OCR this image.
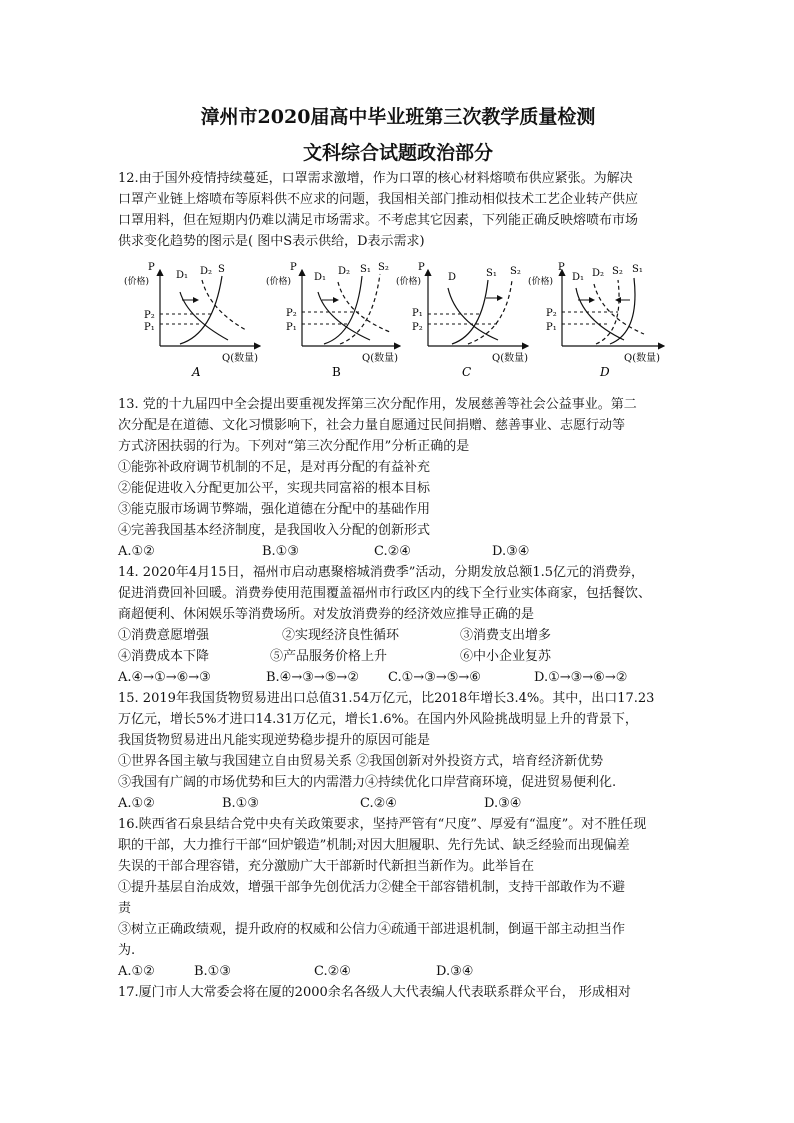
漳州市2020届高中毕业班第三次教学质量检测
文科综合试题政治部分

12.由于国外疫情持续蔓延，口罩需求激增，作为口罩的核心材料熔喷布供应紧张。为解决

口罩产业链上熔喷布等原料供不应求的问题，我国相关部门推动相似技术工艺企业转产供应

口罩用料，但在短期内仍难以满足市场需求。不考虑其它因素，下列能正确反映熔喷布市场

供求变化趋势的图示是( 图中S表示供给，D表示需求)

P
(价格)
Q(数量)
D₁ D₂ S
P₂
P₁
A
P
(价格)
Q(数量)
D₁
D₂ S₁ S₂
P₂
P₁
B
P
(价格)
Q(数量)
D	S₁ S₂
P₁
P₂
C
P
(价格)
Q(数量)
D₁ D₂ S₂ S₁
P₂
P₁
D

13. 党的十九届四中全会提出要重视发挥第三次分配作用，发展慈善等社会公益事业。第二

次分配是在道德、文化习惯影响下，社会力量自愿通过民间捐赠、慈善事业、志愿行动等

方式济困扶弱的行为。下列对“第三次分配作用”分析正确的是

①能弥补政府调节机制的不足，是对再分配的有益补充

②能促进收入分配更加公平，实现共同富裕的根本目标

③能克服市场调节弊端，强化道德在分配中的基础作用

④完善我国基本经济制度，是我国收入分配的创新形式

A.①②	B.①③	C.②④	D.③④

14. 2020年4月15日，福州市启动惠聚榕城消费季”活动，分期发放总额1.5亿元的消费券，

促进消费回补回暖。消费券使用范围覆盖福州市行政区内的线下全行业实体商家，包括餐饮、

商超便利、休闲娱乐等消费场所。对发放消费券的经济效应推导正确的是

①消费意愿增强	②实现经济良性循环	③消费支出增多
④消费成本下降	⑤产品服务价格上升	⑥中小企业复苏
A.④→①→⑥→③	B.④→③→⑤→②	C.①→③→⑤→⑥	D.①→③→⑥→②

15. 2019年我国货物贸易进出口总值31.54万亿元，比2018年增长3.4%。其中，出口17.23

万亿元，增长5%才进口14.31万亿元，增长1.6%。在国内外风险挑战明显上升的背景下，

我国货物贸易进出凡能实现逆势稳步提升的原因可能是

①世界各国主敏与我国建立自由贸易关系 ②我国创新对外投资方式，培育经济新优势

③我国有广阔的市场优势和巨大的内需潜力④持续优化口岸营商环境，促进贸易便利化.

A.①②	B.①③	C.②④	D.③④

16.陕西省石泉县结合党中央有关政策要求，坚持严管有“尺度”、厚爱有“温度”。对不胜任现

职的干部，大力推行干部“回炉锻造”机制;对因大胆履职、先行先试、缺乏经验而出现偏差

失误的干部合理容错，充分激励广大干部新时代新担当新作为。此举旨在

①提升基层自治成效，增强干部争先创优活力②健全干部容错机制，支持干部敢作为不避

责

③树立正确政绩观，提升政府的权威和公信力④疏通干部进退机制，倒逼干部主动担当作

为.

A.①②	B.①③	C.②④	D.③④

17.厦门市人大常委会将在厦的2000余名各级人大代表编人代表联系群众平台， 形成相对
